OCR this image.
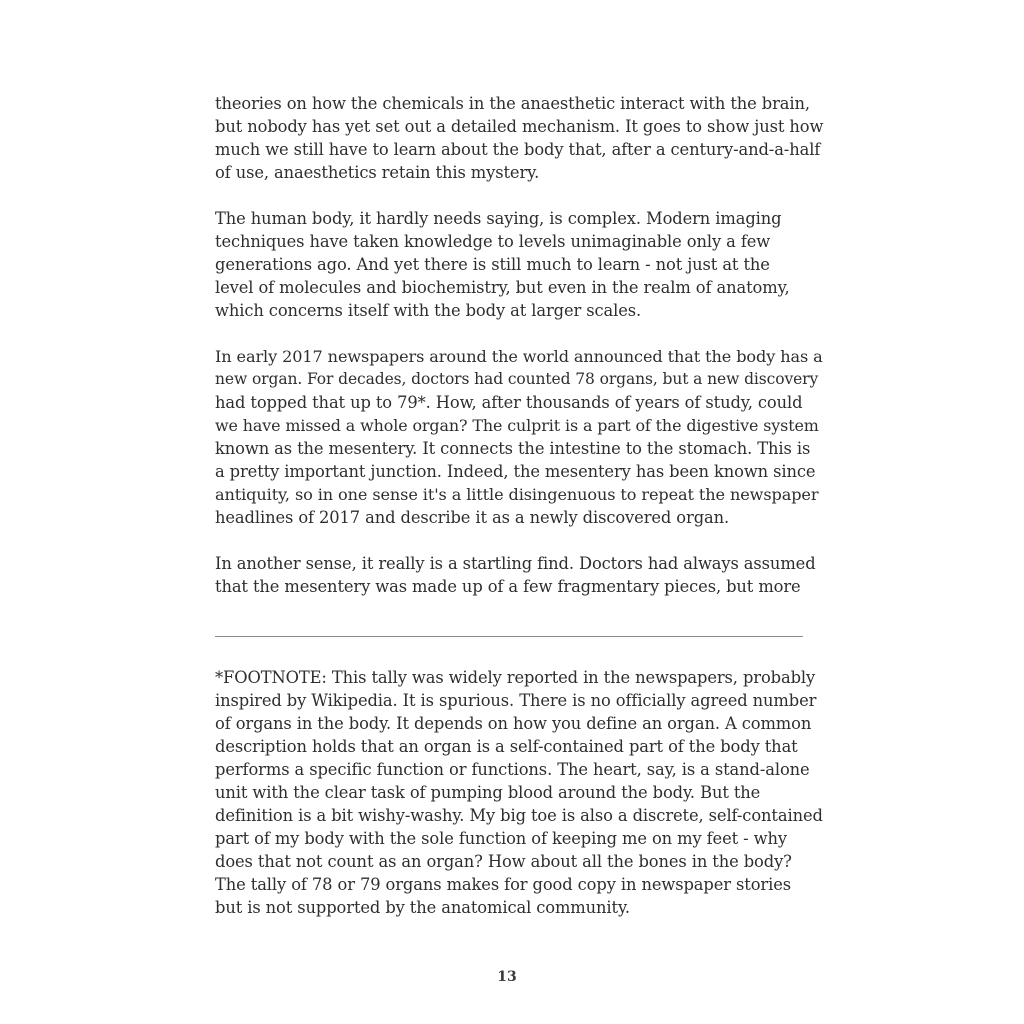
theories on how the chemicals in the anaesthetic interact with the brain,
but nobody has yet set out a detailed mechanism. It goes to show just how
much we still have to learn about the body that, after a century-and-a-half
of use, anaesthetics retain this mystery.
The human body, it hardly needs saying, is complex. Modern imaging
techniques have taken knowledge to levels unimaginable only a few
generations ago. And yet there is still much to learn - not just at the
level of molecules and biochemistry, but even in the realm of anatomy,
which concerns itself with the body at larger scales.
In early 2017 newspapers around the world announced that the body has a
new organ. For decades, doctors had counted 78 organs, but a new discovery
had topped that up to 79*. How, after thousands of years of study, could
we have missed a whole organ? The culprit is a part of the digestive system
known as the mesentery. It connects the intestine to the stomach. This is
a pretty important junction. Indeed, the mesentery has been known since
antiquity, so in one sense it's a little disingenuous to repeat the newspaper
headlines of 2017 and describe it as a newly discovered organ.
In another sense, it really is a startling find. Doctors had always assumed
that the mesentery was made up of a few fragmentary pieces, but more
*FOOTNOTE: This tally was widely reported in the newspapers, probably
inspired by Wikipedia. It is spurious. There is no officially agreed number
of organs in the body. It depends on how you define an organ. A common
description holds that an organ is a self-contained part of the body that
performs a specific function or functions. The heart, say, is a stand-alone
unit with the clear task of pumping blood around the body. But the
definition is a bit wishy-washy. My big toe is also a discrete, self-contained
part of my body with the sole function of keeping me on my feet - why
does that not count as an organ? How about all the bones in the body?
The tally of 78 or 79 organs makes for good copy in newspaper stories
but is not supported by the anatomical community.
13
